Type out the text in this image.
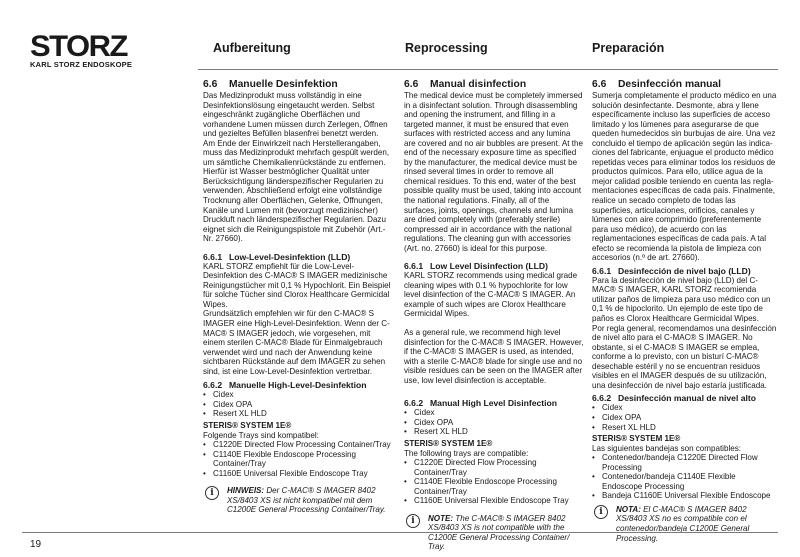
STORZ
KARL STORZ ENDOSKOPE
Aufbereitung	Reprocessing	Preparación
6.6 Manuelle Desinfektion

Das Medizinprodukt muss vollständig in eine Desinfektionslösung eingetaucht werden. Selbst eingeschränkt zugängliche Oberflächen und vorhandene Lumen müssen durch Zerlegen, Öffnen und gezieltes Befüllen blasenfrei benetzt werden. Am Ende der Einwirkzeit nach Herstellerangaben, muss das Medizinprodukt mehrfach gespült werden, um sämtliche Chemikalienrückstände zu entfernen. Hierfür ist Wasser bestmöglicher Qualität unter Berücksichtigung länderspezifischer Regularien zu verwenden. Abschließend erfolgt eine vollständige Trocknung aller Oberflächen, Gelenke, Öffnungen, Kanäle und Lumen mit (bevorzugt medizinischer) Druckluft nach länderspezifischer Regularien. Dazu eignet sich die Reinigungspistole mit Zubehör (Art.-Nr. 27660).

6.6.1 Low-Level-Desinfektion (LLD)

KARL STORZ empfiehlt für die Low-Level-Desinfektion des C-MAC® S IMAGER medizinische Reinigungstücher mit 0,1 % Hypochlorit. Ein Beispiel für solche Tücher sind Clorox Healthcare Germicidal Wipes.

Grundsätzlich empfehlen wir für den C-MAC® S IMAGER eine High-Level-Desinfektion. Wenn der C-MAC® S IMAGER jedoch, wie vorgesehen, mit einem sterilen C-MAC® Blade für Einmalgebrauch verwendet wird und nach der Anwendung keine sichtbaren Rückstände auf dem IMAGER zu sehen sind, ist eine Low-Level-Desinfektion vertretbar.

6.6.2 Manuelle High-Level-Desinfektion
• Cidex
• Cidex OPA
• Resert XL HLD

STERIS® SYSTEM 1E®

Folgende Trays sind kompatibel:

• C1220E Directed Flow Processing Container/Tray
• C1140E Flexible Endoscope Processing Container/Tray
• C1160E Universal Flexible Endoscope Tray
i	HINWEIS: Der C-MAC® S IMAGER 8402 XS/8403 XS ist nicht kompatibel mit dem C1200E General Processing Container/Tray.
6.6 Manual disinfection

The medical device must be completely immersed in a disinfectant solution. Through disassembling and opening the instrument, and filling in a targeted manner, it must be ensured that even surfaces with restricted access and any lumina are covered and no air bubbles are present. At the end of the necessary exposure time as specified by the manufacturer, the medical device must be rinsed several times in order to remove all chemical residues. To this end, water of the best possible quality must be used, taking into account the national regulations. Finally, all of the surfaces, joints, openings, channels and lumina are dried completely with (preferably sterile) compressed air in accordance with the national regulations. The cleaning gun with accessories (Art. no. 27660) is ideal for this purpose.

6.6.1 Low Level Disinfection (LLD)

KARL STORZ recommends using medical grade cleaning wipes with 0.1 % hypochlorite for low level disinfection of the C-MAC® S IMAGER. An example of such wipes are Clorox Healthcare Germicidal Wipes.

As a general rule, we recommend high level disinfection for the C-MAC® S IMAGER. However, if the C-MAC® S IMAGER is used, as intended, with a sterile C-MAC® blade for single use and no visible residues can be seen on the IMAGER after use, low level disinfection is acceptable.

6.6.2 Manual High Level Disinfection
• Cidex
• Cidex OPA
• Resert XL HLD

STERIS® SYSTEM 1E®

The following trays are compatible:

• C1220E Directed Flow Processing Container/Tray
• C1140E Flexible Endoscope Processing Container/Tray
• C1160E Universal Flexible Endoscope Tray
i	NOTE: The C-MAC® S IMAGER 8402 XS/8403 XS is not compatible with the C1200E General Processing Container/ Tray.
6.6 Desinfección manual

Sumerja completamente el producto médico en una solución desinfectante. Desmonte, abra y llene específicamente incluso las superficies de acceso limitado y los lúmenes para asegurarse de que queden humedecidos sin burbujas de aire. Una vez concluido el tiempo de aplicación según las indicaciones del fabricante, enjuague el producto médico repetidas veces para eliminar todos los residuos de productos químicos. Para ello, utilice agua de la mejor calidad posible teniendo en cuenta las reglamentaciones específicas de cada país. Finalmente, realice un secado completo de todas las superficies, articulaciones, orificios, canales y lúmenes con aire comprimido (preferentemente para uso médico), de acuerdo con las reglamentaciones específicas de cada país. A tal efecto se recomienda la pistola de limpieza con accesorios (n.º de art. 27660).

6.6.1 Desinfección de nivel bajo (LLD)

Para la desinfección de nivel bajo (LLD) del C-MAC® S IMAGER, KARL STORZ recomienda utilizar paños de limpieza para uso médico con un 0,1 % de hipoclorito. Un ejemplo de este tipo de paños es Clorox Healthcare Germicidal Wipes.

Por regla general, recomendamos una desinfección de nivel alto para el C-MAC® S IMAGER. No obstante, si el C-MAC® S IMAGER se emplea, conforme a lo previsto, con un bisturí C-MAC® desechable estéril y no se encuentran residuos visibles en el IMAGER después de su utilización, una desinfección de nivel bajo estaría justificada.

6.6.2 Desinfección manual de nivel alto
• Cidex
• Cidex OPA
• Resert XL HLD

STERIS® SYSTEM 1E®

Las siguientes bandejas son compatibles:

• Contenedor/bandeja C1220E Directed Flow Processing
• Contenedor/bandeja C1140E Flexible Endoscope Processing
• Bandeja C1160E Universal Flexible Endoscope
i	NOTA: El C-MAC® S IMAGER 8402 XS/8403 XS no es compatible con el contenedor/bandeja C1200E General Processing.
19
